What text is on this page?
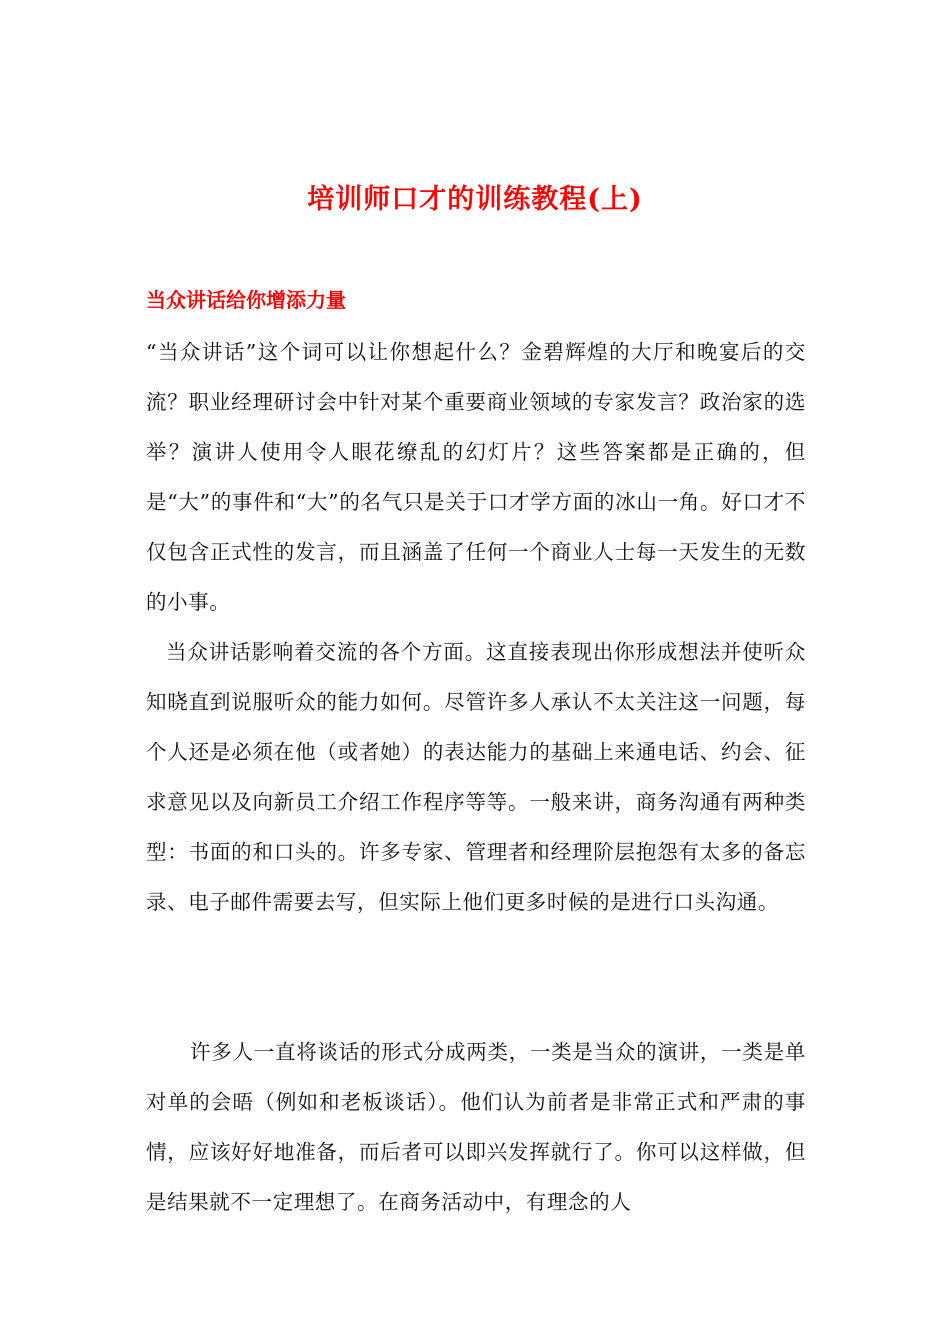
培训师口才的训练教程(上)
当众讲话给你增添力量

“当众讲话”这个词可以让你想起什么？金碧辉煌的大厅和晚宴后的交流？职业经理研讨会中针对某个重要商业领域的专家发言？政治家的选举？演讲人使用令人眼花缭乱的幻灯片？这些答案都是正确的，但是“大”的事件和“大”的名气只是关于口才学方面的冰山一角。好口才不仅包含正式性的发言，而且涵盖了任何一个商业人士每一天发生的无数的小事。

当众讲话影响着交流的各个方面。这直接表现出你形成想法并使听众知晓直到说服听众的能力如何。尽管许多人承认不太关注这一问题，每个人还是必须在他（或者她）的表达能力的基础上来通电话、约会、征求意见以及向新员工介绍工作程序等等。一般来讲，商务沟通有两种类型：书面的和口头的。许多专家、管理者和经理阶层抱怨有太多的备忘录、电子邮件需要去写，但实际上他们更多时候的是进行口头沟通。

许多人一直将谈话的形式分成两类，一类是当众的演讲，一类是单对单的会晤（例如和老板谈话）。他们认为前者是非常正式和严肃的事情，应该好好地准备，而后者可以即兴发挥就行了。你可以这样做，但是结果就不一定理想了。在商务活动中，有理念的人
